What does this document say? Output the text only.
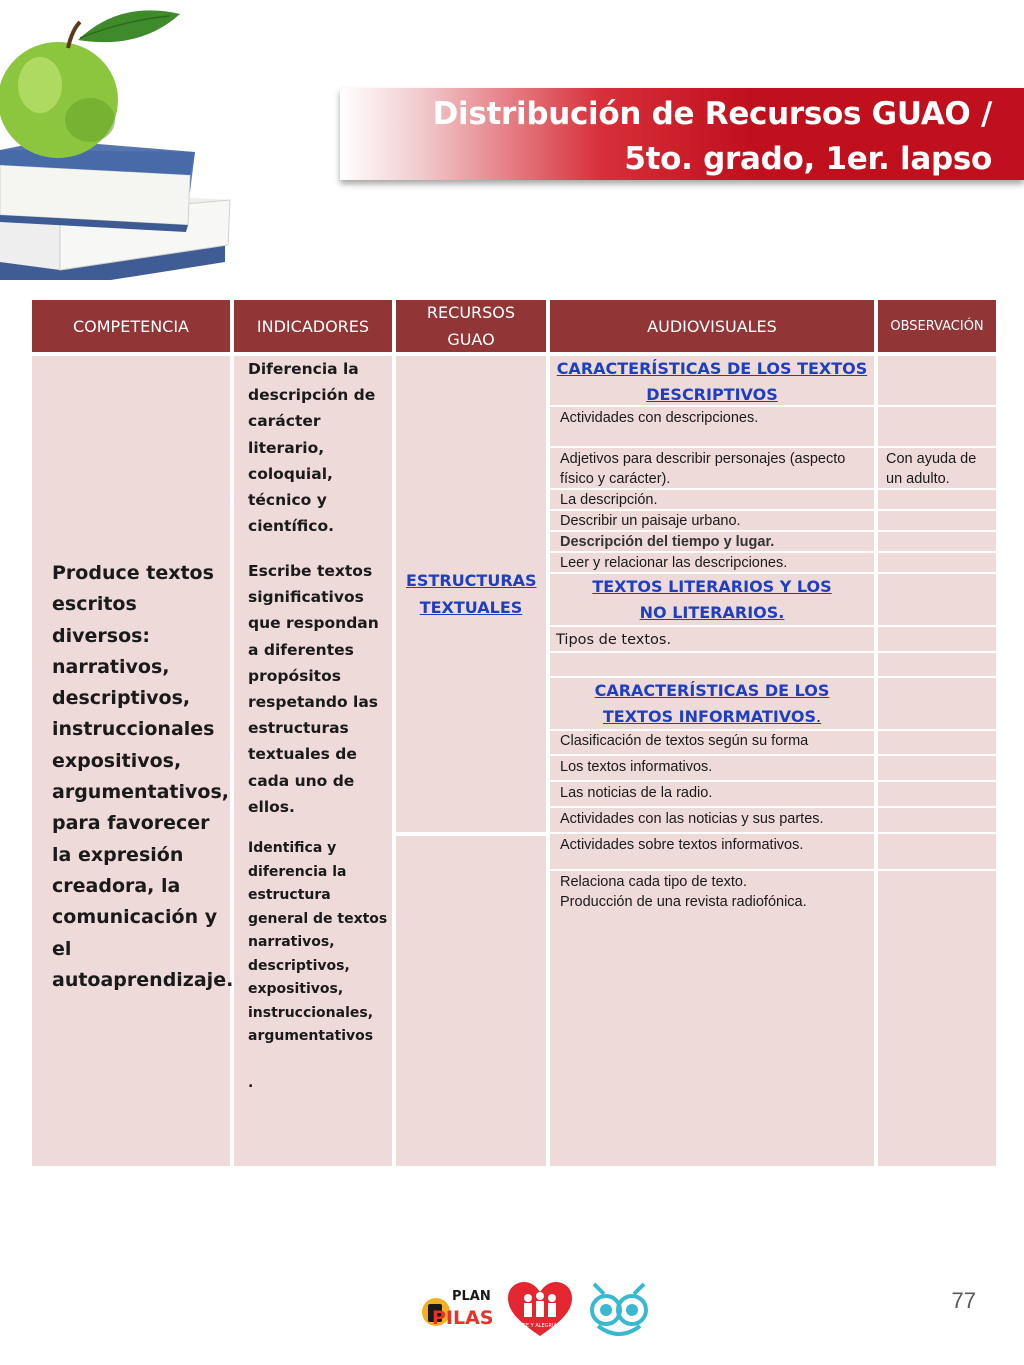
Distribución de Recursos GUAO /
5to. grado, 1er. lapso
COMPETENCIA
Produce textos escritos diversos: narrativos, descriptivos, instruccionales expositivos, argumentativos, para favorecer la expresión creadora, la comunicación y el autoaprendizaje.
INDICADORES
Diferencia la descripción de carácter literario, coloquial, técnico y científico.
Escribe textos significativos que respondan a diferentes propósitos respetando las estructuras textuales de cada uno de ellos.
Identifica y diferencia la estructura general de textos narrativos, descriptivos, expositivos, instruccionales, argumentativos
.
RECURSOS GUAO
ESTRUCTURAS TEXTUALES
AUDIOVISUALES
CARACTERÍSTICAS DE LOS TEXTOS DESCRIPTIVOS
Actividades con descripciones.
Adjetivos para describir personajes (aspecto físico y carácter).
La descripción.
Describir un paisaje urbano.
Descripción del tiempo y lugar.
Leer y relacionar las descripciones.
TEXTOS LITERARIOS Y LOS NO LITERARIOS.
Tipos de textos.
CARACTERÍSTICAS DE LOS TEXTOS INFORMATIVOS.
Clasificación de textos según su forma
Los textos informativos.
Las noticias de la radio.
Actividades con las noticias y sus partes.
Actividades sobre textos informativos.
Relaciona cada tipo de texto.
Producción de una revista radiofónica.
OBSERVACIÓN
Con ayuda de un adulto.
PLAN
PILAS	FE Y ALEGRIA
77
